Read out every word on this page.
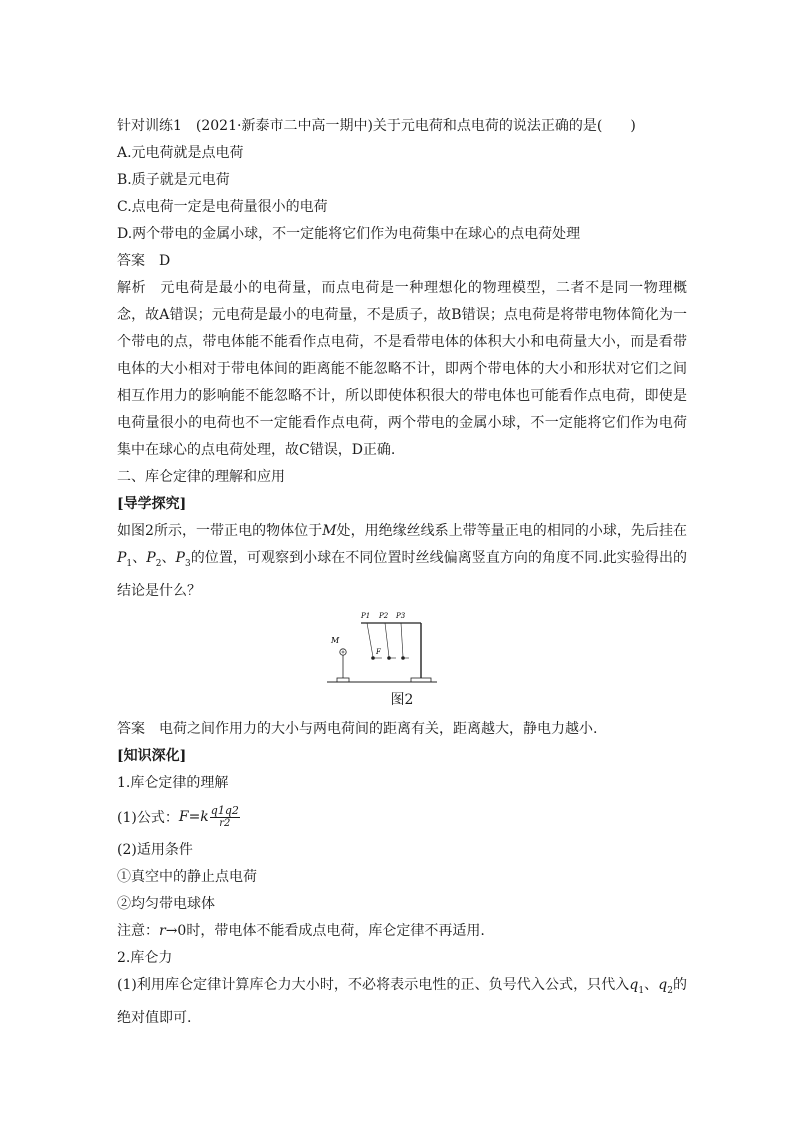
针对训练1　(2021·新泰市二中高一期中)关于元电荷和点电荷的说法正确的是(　　)
A.元电荷就是点电荷
B.质子就是元电荷
C.点电荷一定是电荷量很小的电荷
D.两个带电的金属小球，不一定能将它们作为电荷集中在球心的点电荷处理
答案 D
解析 元电荷是最小的电荷量，而点电荷是一种理想化的物理模型，二者不是同一物理概念，故A错误；元电荷是最小的电荷量，不是质子，故B错误；点电荷是将带电物体简化为一个带电的点，带电体能不能看作点电荷，不是看带电体的体积大小和电荷量大小，而是看带电体的大小相对于带电体间的距离能不能忽略不计，即两个带电体的大小和形状对它们之间相互作用力的影响能不能忽略不计，所以即使体积很大的带电体也可能看作点电荷，即使是电荷量很小的电荷也不一定能看作点电荷，两个带电的金属小球，不一定能将它们作为电荷集中在球心的点电荷处理，故C错误，D正确.
二、库仑定律的理解和应用
[导学探究]
如图2所示，一带正电的物体位于M处，用绝缘丝线系上带等量正电的相同的小球，先后挂在$P_1$、$P_2$、$P_3$的位置，可观察到小球在不同位置时丝线偏离竖直方向的角度不同.此实验得出的结论是什么？
M
F
P1 P2 P3
图2
答案 电荷之间作用力的大小与两电荷间的距离有关，距离越大，静电力越小.
[知识深化]
1.库仑定律的理解
(1)公式： F = k $\frac{q1q2}{r2}$
(2)适用条件
①真空中的静止点电荷
②均匀带电球体
注意：r→0时，带电体不能看成点电荷，库仑定律不再适用.
2.库仑力
(1)利用库仑定律计算库仑力大小时，不必将表示电性的正、负号代入公式，只代入$q_1$、$q_2$的绝对值即可.
